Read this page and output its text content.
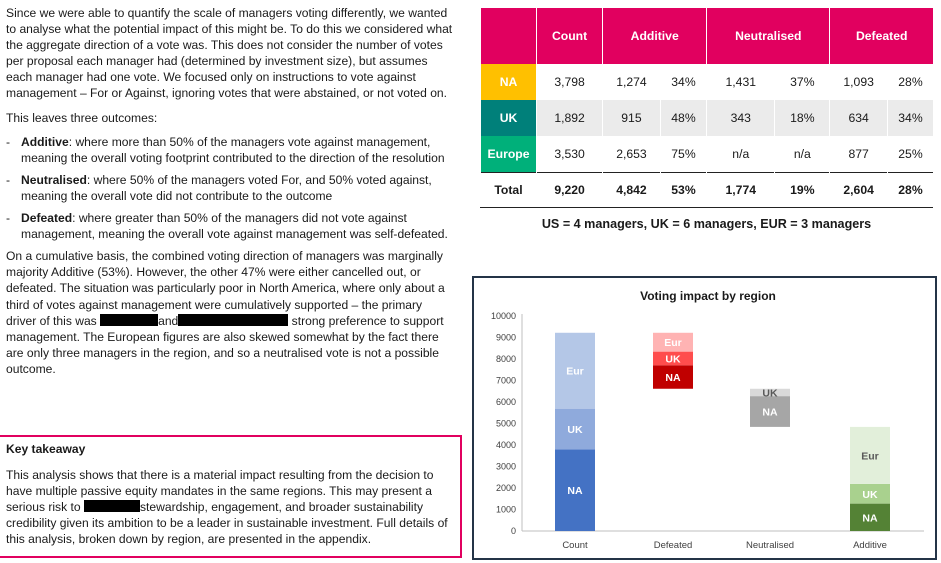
Since we were able to quantify the scale of managers voting differently, we wanted to analyse what the potential impact of this might be. To do this we considered what the aggregate direction of a vote was. This does not consider the number of votes per proposal each manager had (determined by investment size), but assumes each manager had one vote. We focused only on instructions to vote against management – For or Against, ignoring votes that were abstained, or not voted on.

This leaves three outcomes:

- Additive: where more than 50% of the managers vote against management, meaning the overall voting footprint contributed to the direction of the resolution
- Neutralised: where 50% of the managers voted For, and 50% voted against, meaning the overall vote did not contribute to the outcome
- Defeated: where greater than 50% of the managers did not vote against management, meaning the overall vote against management was self-defeated.

On a cumulative basis, the combined voting direction of managers was marginally majority Additive (53%). However, the other 47% were either cancelled out, or defeated. The situation was particularly poor in North America, where only about a third of votes against management were cumulatively supported – the primary driver of this was	and	strong preference to support management. The European figures are also skewed somewhat by the fact there are only three managers in the region, and so a neutralised vote is not a possible outcome.

Key takeaway
This analysis shows that there is a material impact resulting from the decision to have multiple passive equity mandates in the same regions. This may present a serious risk to	stewardship, engagement, and broader sustainability credibility given its ambition to be a leader in sustainable investment. Full details of this analysis, broken down by region, are presented in the appendix.
	Count	Additive		Neutralised		Defeated	
NA	3,798	1,274	34%	1,431	37%	1,093	28%
UK	1,892	915	48%	343	18%	634	34%
Europe	3,530	2,653	75%	n/a	n/a	877	25%
Total	9,220	4,842	53%	1,774	19%	2,604	28%
US = 4 managers, UK = 6 managers, EUR = 3 managers
Voting impact by region
0
1000
2000
3000
4000
5000
6000
7000
8000
9000
10000
Count	Defeated	Neutralised	Additive
NA
UK
Eur
NA
UK
Eur
NA
UK
NA
UK
Eur
